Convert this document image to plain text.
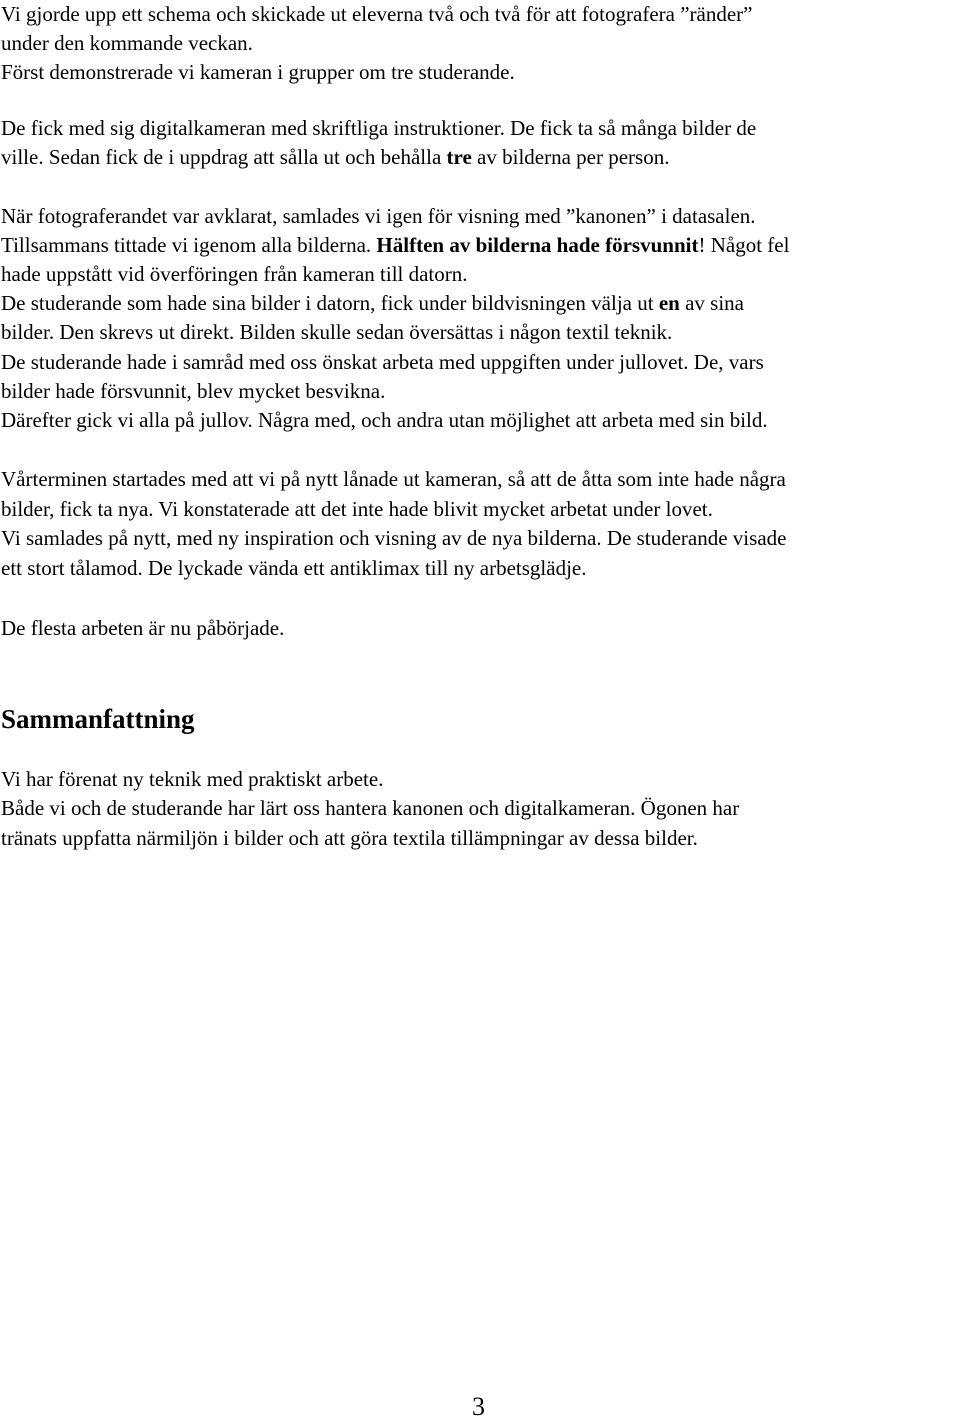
Vi gjorde upp ett schema och skickade ut eleverna två och två för att fotografera ”ränder”
under den kommande veckan.
Först demonstrerade vi kameran i grupper om tre studerande.
De fick med sig digitalkameran med skriftliga instruktioner. De fick ta så många bilder de
ville. Sedan fick de i uppdrag att sålla ut och behålla tre av bilderna per person.
När fotograferandet var avklarat, samlades vi igen för visning med ”kanonen” i datasalen.
Tillsammans tittade vi igenom alla bilderna. Hälften av bilderna hade försvunnit! Något fel
hade uppstått vid överföringen från kameran till datorn.
De studerande som hade sina bilder i datorn, fick under bildvisningen välja ut en av sina
bilder. Den skrevs ut direkt. Bilden skulle sedan översättas i någon textil teknik.
De studerande hade i samråd med oss önskat arbeta med uppgiften under jullovet. De, vars
bilder hade försvunnit, blev mycket besvikna.
Därefter gick vi alla på jullov. Några med, och andra utan möjlighet att arbeta med sin bild.
Vårterminen startades med att vi på nytt lånade ut kameran, så att de åtta som inte hade några
bilder, fick ta nya. Vi konstaterade att det inte hade blivit mycket arbetat under lovet.
Vi samlades på nytt, med ny inspiration och visning av de nya bilderna. De studerande visade
ett stort tålamod. De lyckade vända ett antiklimax till ny arbetsglädje.
De flesta arbeten är nu påbörjade.
Sammanfattning
Vi har förenat ny teknik med praktiskt arbete.
Både vi och de studerande har lärt oss hantera kanonen och digitalkameran. Ögonen har
tränats uppfatta närmiljön i bilder och att göra textila tillämpningar av dessa bilder.
3
